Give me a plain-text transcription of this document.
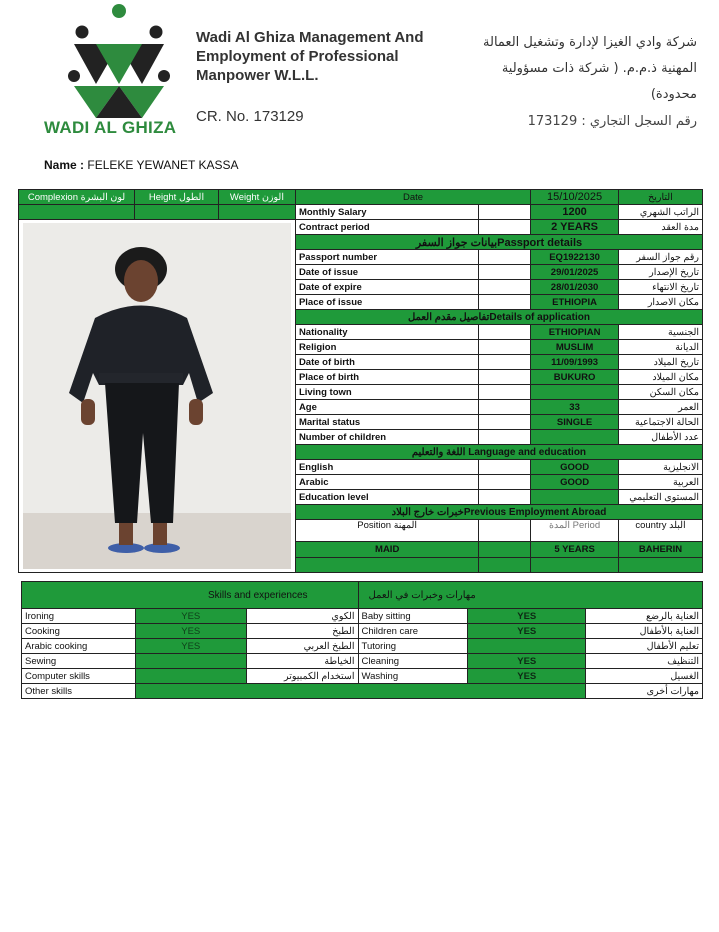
WADI AL GHIZA
Wadi Al Ghiza Management And
Employment of Professional
Manpower W.L.L.
CR. No. 173129
شركة وادي الغيزا لإدارة وتشغيل العمالة
المهنية ذ.م.م. ( شركة ذات مسؤولية
محدودة)
رقم السجل التجاري : 173129
Name : FELEKE YEWANET KASSA
Complexion لون البشرة	Height الطول	Weight الوزن	Date		15/10/2025	التاريخ
			Monthly Salary		1200	الراتب الشهري

	Contract period		2 YEARS	مدة العقد
			بيانات جواز السفرPassport details			
			Passport number		EQ1922130	رقم جواز السفر
			Date of issue		29/01/2025	تاريخ الإصدار
			Date of expire		28/01/2030	تاريخ الانتهاء
			Place of issue		ETHIOPIA	مكان الاصدار
			تفاصيل مقدم العملDetails of application			
			Nationality		ETHIOPIAN	الجنسية
			Religion		MUSLIM	الديانة
			Date of birth		11/09/1993	تاريخ الميلاد
			Place of birth		BUKURO	مكان الميلاد
			Living town			مكان السكن
			Age		33	العمر
			Marital status		SINGLE	الحالة الاجتماعية
			Number of children			عدد الأطفال
			اللغة والتعليم Language and education			
			English		GOOD	الانجليزية
			Arabic		GOOD	العربية
			Education level			المستوى التعليمي
			خبرات خارج البلادPrevious Employment Abroad			
			Position المهنة		المدة Period	country البلد
			MAID		5 YEARS	BAHERIN

Skills and experiences			مهارات وخبرات في العمل		
Ironing	YES	الكوي	Baby sitting	YES	العناية بالرضع
Cooking	YES	الطبخ	Children care	YES	العناية بالأطفال
Arabic cooking	YES	الطبخ العربي	Tutoring		تعليم الأطفال
Sewing		الخياطة	Cleaning	YES	التنظيف
Computer skills		استخدام الكمبيوتر	Washing	YES	الغسيل
Other skills					مهارات أخرى
